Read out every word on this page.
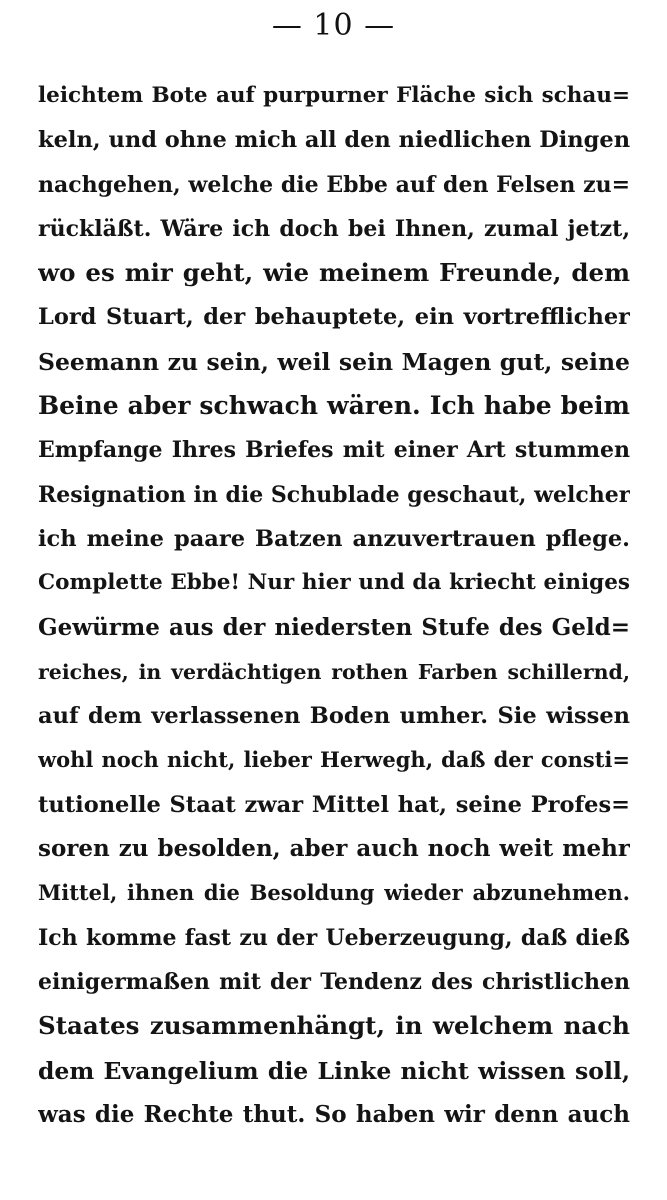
— 10 —
leichtem Bote auf purpurner Fläche sich schau=
keln, und ohne mich all den niedlichen Dingen
nachgehen, welche die Ebbe auf den Felsen zu=
rückläßt. Wäre ich doch bei Ihnen, zumal jetzt,
wo es mir geht, wie meinem Freunde, dem
Lord Stuart, der behauptete, ein vortrefflicher
Seemann zu sein, weil sein Magen gut, seine
Beine aber schwach wären. Ich habe beim
Empfange Ihres Briefes mit einer Art stummen
Resignation in die Schublade geschaut, welcher
ich meine paare Batzen anzuvertrauen pflege.
Complette Ebbe! Nur hier und da kriecht einiges
Gewürme aus der niedersten Stufe des Geld=
reiches, in verdächtigen rothen Farben schillernd,
auf dem verlassenen Boden umher. Sie wissen
wohl noch nicht, lieber Herwegh, daß der consti=
tutionelle Staat zwar Mittel hat, seine Profes=
soren zu besolden, aber auch noch weit mehr
Mittel, ihnen die Besoldung wieder abzunehmen.
Ich komme fast zu der Ueberzeugung, daß dieß
einigermaßen mit der Tendenz des christlichen
Staates zusammenhängt, in welchem nach
dem Evangelium die Linke nicht wissen soll,
was die Rechte thut. So haben wir denn auch
